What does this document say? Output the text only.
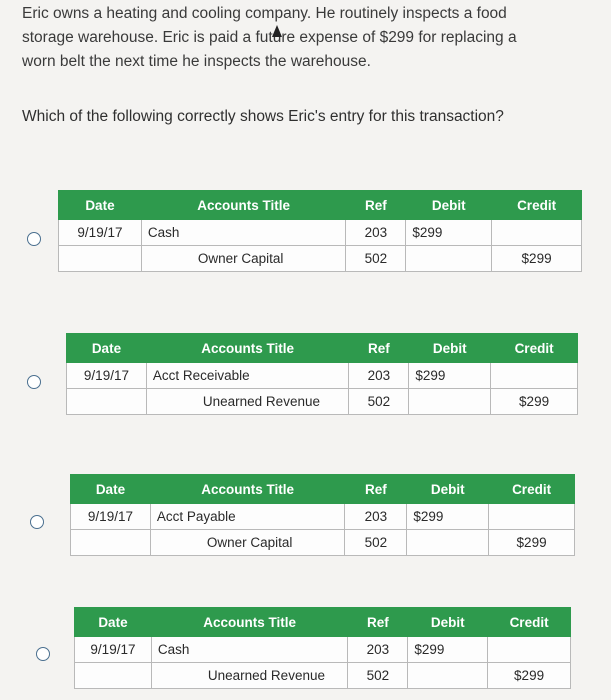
Eric owns a heating and cooling company. He routinely inspects a food
storage warehouse. Eric is paid a future expense of $299 for replacing a
worn belt the next time he inspects the warehouse.
Which of the following correctly shows Eric's entry for this transaction?
Date	Accounts Title	Ref	Debit	Credit
9/19/17	Cash	203	$299	
	Owner Capital	502		$299
Date	Accounts Title	Ref	Debit	Credit
9/19/17	Acct Receivable	203	$299	
	Unearned Revenue	502		$299
Date	Accounts Title	Ref	Debit	Credit
9/19/17	Acct Payable	203	$299	
	Owner Capital	502		$299
Date	Accounts Title	Ref	Debit	Credit
9/19/17	Cash	203	$299	
	Unearned Revenue	502		$299
